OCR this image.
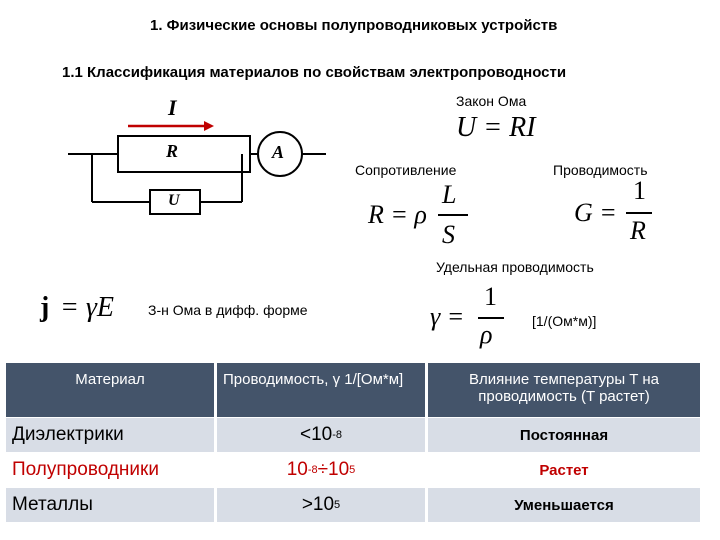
1. Физические основы полупроводниковых устройств
1.1 Классификация материалов по свойствам электропроводности
I
R	A
U
Закон Ома
U = RI
Сопротивление
R = ρ
L
S
Проводимость
G =
1
R
Удельная проводимость
γ =
1
ρ	[1/(Ом*м)]
j = γE З-н Ома в дифф. форме
Материал	Проводимость, γ 1/[Ом*м]	Влияние температуры T на проводимость (T растет)
Диэлектрики	<10 -8	Постоянная
Полупроводники	10 -8 ÷10 5	Растет
Металлы	>10 5	Уменьшается
